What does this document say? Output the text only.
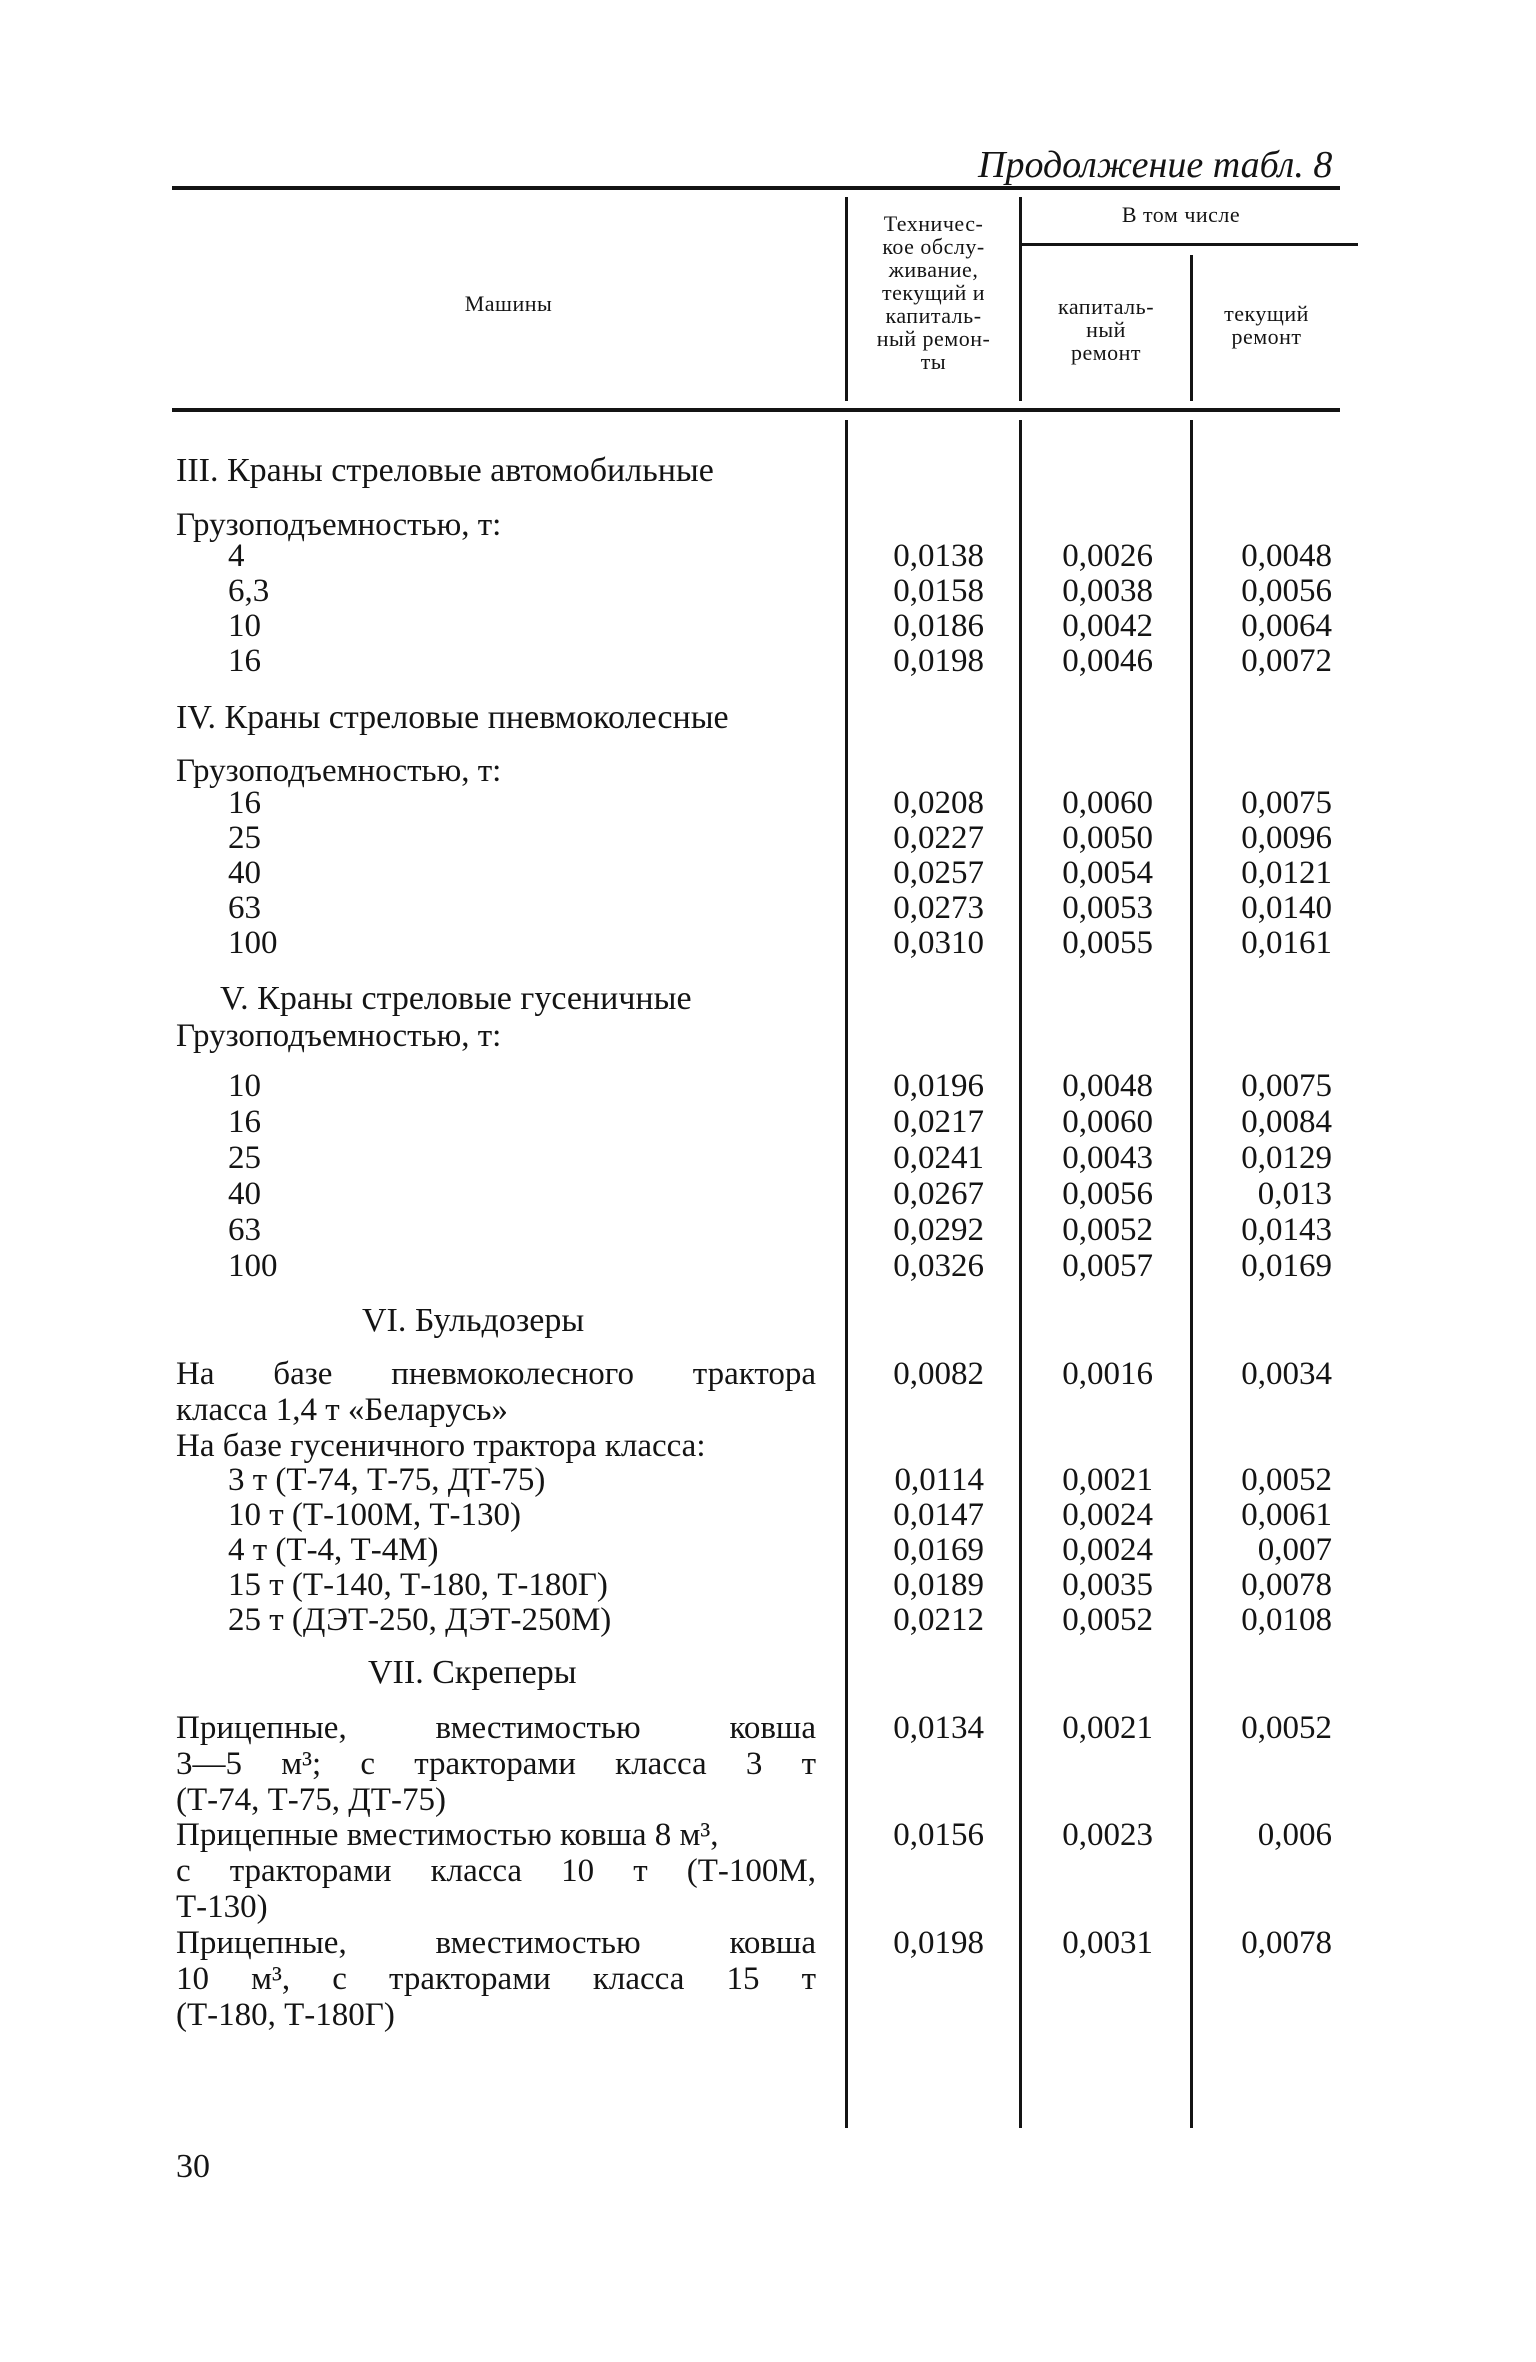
Продолжение табл. 8
Машины
Техничес-
кое обслу-
живание,
текущий и
капиталь-
ный ремон-
ты
В том числе
капиталь-
ный
ремонт
текущий
ремонт
III. Краны стреловые автомобильные
Грузоподъемностью, т:
4	0,0138	0,0026	0,0048
6,3	0,0158	0,0038	0,0056
10	0,0186	0,0042	0,0064
16	0,0198	0,0046	0,0072
IV. Краны стреловые пневмоколесные
Грузоподъемностью, т:
16	0,0208	0,0060	0,0075
25	0,0227	0,0050	0,0096
40	0,0257	0,0054	0,0121
63	0,0273	0,0053	0,0140
100	0,0310	0,0055	0,0161
V. Краны стреловые гусеничные
Грузоподъемностью, т:
10	0,0196	0,0048	0,0075
16	0,0217	0,0060	0,0084
25	0,0241	0,0043	0,0129
40	0,0267	0,0056	0,013
63	0,0292	0,0052	0,0143
100	0,0326	0,0057	0,0169
VI. Бульдозеры
На базе пневмоколесного трактора
класса 1,4 т «Беларусь»
0,0082	0,0016	0,0034
На базе гусеничного трактора класса:
3 т (Т-74, Т-75, ДТ-75)	0,0114	0,0021	0,0052
10 т (Т-100М, Т-130)	0,0147	0,0024	0,0061
4 т (Т-4, Т-4М)	0,0169	0,0024	0,007
15 т (Т-140, Т-180, Т-180Г)	0,0189	0,0035	0,0078
25 т (ДЭТ-250, ДЭТ-250М)	0,0212	0,0052	0,0108
VII. Скреперы
Прицепные, вместимостью ковша
3—5 м³; с тракторами класса 3 т
(Т-74, Т-75, ДТ-75)
0,0134	0,0021	0,0052
Прицепные вместимостью ковша 8 м³,
с тракторами класса 10 т (Т-100М,
Т-130)
0,0156	0,0023	0,006
Прицепные, вместимостью ковша
10 м³, с тракторами класса 15 т
(Т-180, Т-180Г)
0,0198	0,0031	0,0078
30
